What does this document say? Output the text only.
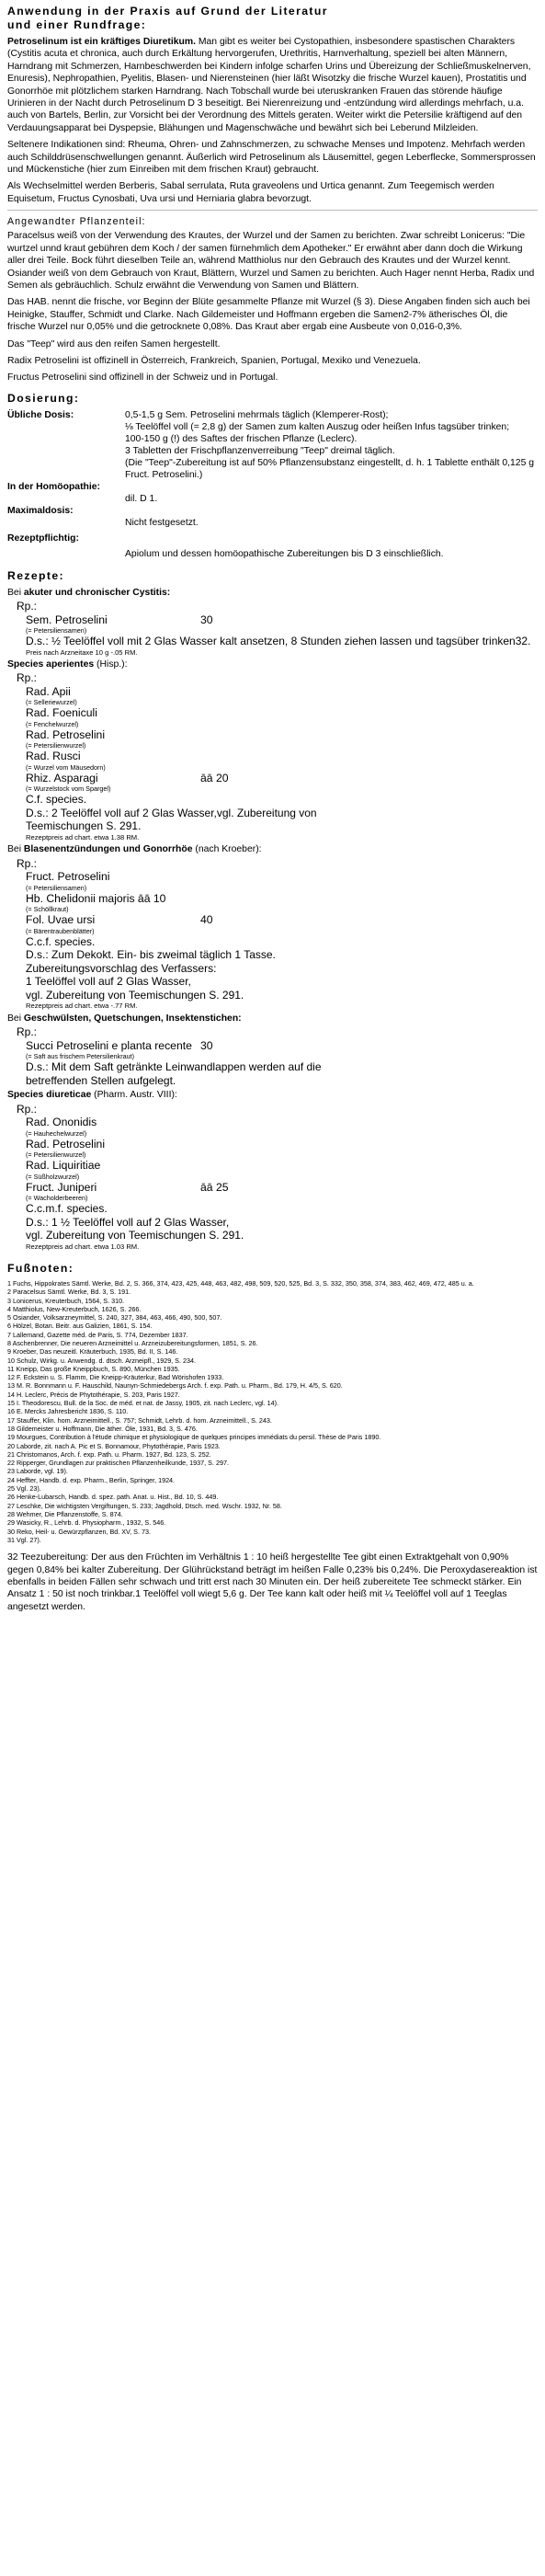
Anwendung in der Praxis auf Grund der Literatur
und einer Rundfrage:

Petroselinum ist ein kräftiges Diuretikum. Man gibt es weiter bei Cystopathien, insbesondere spastischen Charakters (Cystitis acuta et chronica, auch durch Erkältung hervorgerufen, Urethritis, Harnverhaltung, speziell bei alten Männern, Harndrang mit Schmerzen, Harnbeschwerden bei Kindern infolge scharfen Urins und Übereizung der Schließmuskelnerven, Enuresis), Nephropathien, Pyelitis, Blasen- und Nierensteinen (hier läßt Wisotzky die frische Wurzel kauen), Prostatitis und Gonorrhöe mit plötzlichem starken Harndrang. Nach Tobschall wurde bei uteruskranken Frauen das störende häufige Urinieren in der Nacht durch Petroselinum D 3 beseitigt. Bei Nierenreizung und -entzündung wird allerdings mehrfach, u.a. auch von Bartels, Berlin, zur Vorsicht bei der Verordnung des Mittels geraten. Weiter wirkt die Petersilie kräftigend auf den Verdauungsapparat bei Dyspepsie, Blähungen und Magenschwäche und bewährt sich bei Leberund Milzleiden.

Seltenere Indikationen sind: Rheuma, Ohren- und Zahnschmerzen, zu schwache Menses und Impotenz. Mehrfach werden auch Schilddrüsenschwellungen genannt. Äußerlich wird Petroselinum als Läusemittel, gegen Leberflecke, Sommersprossen und Mückenstiche (hier zum Einreiben mit dem frischen Kraut) gebraucht.

Als Wechselmittel werden Berberis, Sabal serrulata, Ruta graveolens und Urtica genannt. Zum Teegemisch werden Equisetum, Fructus Cynosbati, Uva ursi und Herniaria glabra bevorzugt.

Angewandter Pflanzenteil:

Paracelsus weiß von der Verwendung des Krautes, der Wurzel und der Samen zu berichten. Zwar schreibt Lonicerus: "Die wurtzel unnd kraut gebühren dem Koch / der samen fürnehmlich dem Apotheker." Er erwähnt aber dann doch die Wirkung aller drei Teile. Bock führt dieselben Teile an, während Matthiolus nur den Gebrauch des Krautes und der Wurzel kennt. Osiander weiß von dem Gebrauch von Kraut, Blättern, Wurzel und Samen zu berichten. Auch Hager nennt Herba, Radix und Semen als gebräuchlich. Schulz erwähnt die Verwendung von Samen und Blättern.

Das HAB. nennt die frische, vor Beginn der Blüte gesammelte Pflanze mit Wurzel (§ 3). Diese Angaben finden sich auch bei Heinigke, Stauffer, Schmidt und Clarke. Nach Gildemeister und Hoffmann ergeben die Samen2-7% ätherisches Öl, die frische Wurzel nur 0,05% und die getrocknete 0,08%. Das Kraut aber ergab eine Ausbeute von 0,016-0,3%.

Das "Teep" wird aus den reifen Samen hergestellt.

Radix Petroselini ist offizinell in Österreich, Frankreich, Spanien, Portugal, Mexiko und Venezuela.

Fructus Petroselini sind offizinell in der Schweiz und in Portugal.

Dosierung:
Übliche Dosis:	0,5-1,5 g Sem. Petroselini mehrmals täglich (Klemperer-Rost);
⅛ Teelöffel voll (= 2,8 g) der Samen zum kalten Auszug oder heißen Infus tagsüber trinken;
100-150 g (!) des Saftes der frischen Pflanze (Leclerc).
3 Tabletten der Frischpflanzenverreibung "Teep" dreimal täglich.
(Die "Teep"-Zubereitung ist auf 50% Pflanzensubstanz eingestellt, d. h. 1 Tablette enthält 0,125 g Fruct. Petroselini.)

In der Homöopathie:	
	dil. D 1.
Maximaldosis:	
	Nicht festgesetzt.
Rezeptpflichtig:	
	Apiolum und dessen homöopathische Zubereitungen bis D 3 einschließlich.
Rezepte:
Bei akuter und chronischer Cystitis:
Rp.:
Sem. Petroselini	30
(= Petersiliensamen)
D.s.: ½ Teelöffel voll mit 2 Glas Wasser kalt ansetzen, 8 Stunden ziehen lassen und tagsüber trinken32.
Preis nach Arzneitaxe 10 g -.05 RM.
Species aperientes (Hisp.):
Rp.:
Rad. Apii
(= Selleriewurzel)
Rad. Foeniculi
(= Fenchelwurzel)
Rad. Petroselini
(= Petersilienwurzel)
Rad. Rusci
(= Wurzel vom Mäusedorn)
Rhiz. Asparagi	āā 20
(= Wurzelstock vom Spargel)
C.f. species.
D.s.: 2 Teelöffel voll auf 2 Glas Wasser,vgl. Zubereitung von
Teemischungen S. 291.
Rezeptpreis ad chart. etwa 1.38 RM.
Bei Blasenentzündungen und Gonorrhöe (nach Kroeber):
Rp.:
Fruct. Petroselini
(= Petersiliensamen)
Hb. Chelidonii majoris āā 10
(= Schöllkraut)
Fol. Uvae ursi	40
(= Bärentraubenblätter)
C.c.f. species.
D.s.: Zum Dekokt. Ein- bis zweimal täglich 1 Tasse.
Zubereitungsvorschlag des Verfassers:
1 Teelöffel voll auf 2 Glas Wasser,
vgl. Zubereitung von Teemischungen S. 291.
Rezeptpreis ad chart. etwa -.77 RM.
Bei Geschwülsten, Quetschungen, Insektenstichen:
Rp.:
Succi Petroselini e planta recente 30
(= Saft aus frischem Petersilienkraut)
D.s.: Mit dem Saft getränkte Leinwandlappen werden auf die
betreffenden Stellen aufgelegt.
Species diureticae (Pharm. Austr. VIII):
Rp.:
Rad. Ononidis
(= Hauhechelwurzel)
Rad. Petroselini
(= Petersilienwurzel)
Rad. Liquiritiae
(= Süßholzwurzel)
Fruct. Juniperi	āā 25
(= Wacholderbeeren)
C.c.m.f. species.
D.s.: 1 ½ Teelöffel voll auf 2 Glas Wasser,
vgl. Zubereitung von Teemischungen S. 291.
Rezeptpreis ad chart. etwa 1.03 RM.
Fußnoten:
1 Fuchs, Hippokrates Sämtl. Werke, Bd. 2, S. 366, 374, 423, 425, 448, 463, 482, 498, 509, 520, 525, Bd. 3, S. 332, 350, 358, 374, 383, 462, 469, 472, 485 u. a.
2 Paracelsus Sämtl. Werke, Bd. 3, S. 191.
3 Lonicerus, Kreuterbuch, 1564, S. 310.
4 Matthiolus, New-Kreuterbuch, 1626, S. 266.
5 Osiander, Volksarzneymittel, S. 240, 327, 384, 463, 466, 490, 500, 507.
6 Hölzel, Botan. Beitr. aus Galizien, 1861, S. 154.
7 Lallemand, Gazette méd. de Paris, S. 774, Dezember 1837.
8 Aschenbrenner, Die neueren Arzneimittel u. Arzneizubereitungsformen, 1851, S. 26.
9 Kroeber, Das neuzeitl. Kräuterbuch, 1935, Bd. II, S. 146.
10 Schulz, Wirkg. u. Anwendg. d. dtsch. Arzneipfl., 1929, S. 234.
11 Kneipp, Das große Kneippbuch, S. 890, München 1935.
12 F. Eckstein u. S. Flamm, Die Kneipp-Kräuterkur, Bad Wörishofen 1933.
13 M. R. Bonnmann u. F. Hauschild, Naunyn-Schmiedebergs Arch. f. exp. Path. u. Pharm., Bd. 179, H. 4/5, S. 620.
14 H. Leclerc, Précis de Phytothérapie, S. 203, Paris 1927.
15 I. Theodorescu, Bull. de la Soc. de méd. et nat. de Jassy, 1905, zit. nach Leclerc, vgl. 14).
16 E. Mercks Jahresbericht 1836, S. 110.
17 Stauffer, Klin. hom. Arzneimittell., S. 757; Schmidt, Lehrb. d. hom. Arzneimittell., S. 243.
18 Gildemeister u. Hoffmann, Die äther. Öle, 1931, Bd. 3, S. 476.
19 Mourgues, Contribution à l'étude chimique et physiologique de quelques principes immédiats du persil. Thèse de Paris 1890.
20 Laborde, zit. nach A. Pic et S. Bonnamour, Phytothérapie, Paris 1923.
21 Christomanos, Arch. f. exp. Path. u. Pharm. 1927, Bd. 123, S. 252.
22 Ripperger, Grundlagen zur praktischen Pflanzenheilkunde, 1937, S. 297.
23 Laborde, vgl. 19).
24 Heffter, Handb. d. exp. Pharm., Berlin, Springer, 1924.
25 Vgl. 23).
26 Henke-Lubarsch, Handb. d. spez. path. Anat. u. Hist., Bd. 10, S. 449.
27 Leschke, Die wichtigsten Vergiftungen, S. 233; Jagdhold, Dtsch. med. Wschr. 1932, Nr. 58.
28 Wehmer, Die Pflanzenstoffe, S. 874.
29 Wasicky, R., Lehrb. d. Physiopharm., 1932, S. 546.
30 Reko, Heil- u. Gewürzpflanzen, Bd. XV, S. 73.
31 Vgl. 27).

32 Teezubereitung: Der aus den Früchten im Verhältnis 1 : 10 heiß hergestellte Tee gibt einen Extraktgehalt von 0,90% gegen 0,84% bei kalter Zubereitung. Der Glührückstand beträgt im heißen Falle 0,23% bis 0,24%. Die Peroxydasereaktion ist ebenfalls in beiden Fällen sehr schwach und tritt erst nach 30 Minuten ein. Der heiß zubereitete Tee schmeckt stärker. Ein Ansatz 1 : 50 ist noch trinkbar.1 Teelöffel voll wiegt 5,6 g. Der Tee kann kalt oder heiß mit ¼ Teelöffel voll auf 1 Teeglas angesetzt werden.
